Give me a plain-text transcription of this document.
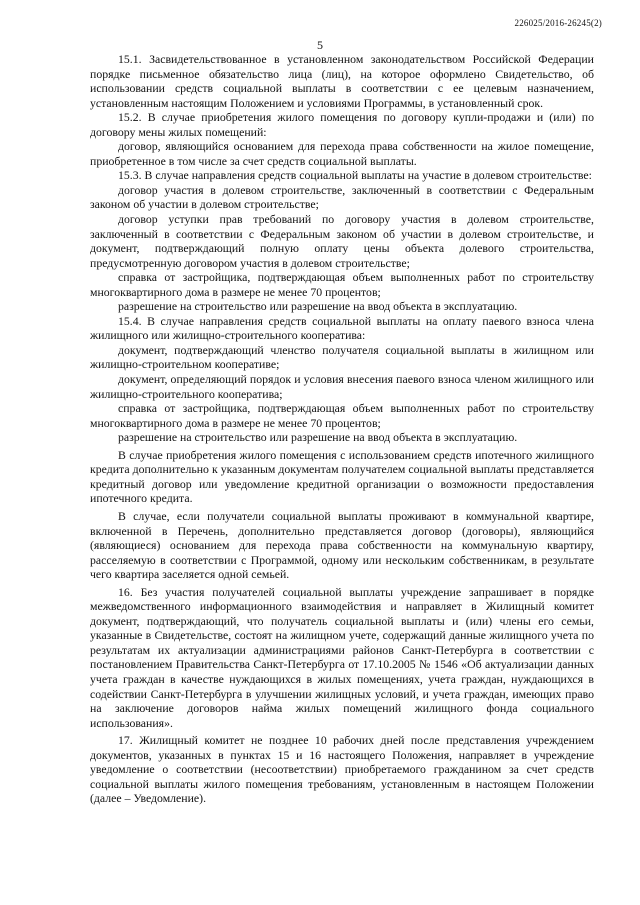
226025/2016-26245(2)
5

15.1. Засвидетельствованное в установленном законодательством Российской Федерации порядке письменное обязательство лица (лиц), на которое оформлено Свидетельство, об использовании средств социальной выплаты в соответствии с ее целевым назначением, установленным настоящим Положением и условиями Программы, в установленный срок.

15.2. В случае приобретения жилого помещения по договору купли-продажи и (или) по договору мены жилых помещений:

договор, являющийся основанием для перехода права собственности на жилое помещение, приобретенное в том числе за счет средств социальной выплаты.

15.3. В случае направления средств социальной выплаты на участие в долевом строительстве:

договор участия в долевом строительстве, заключенный в соответствии с Федеральным законом об участии в долевом строительстве;

договор уступки прав требований по договору участия в долевом строительстве, заключенный в соответствии с Федеральным законом об участии в долевом строительстве, и документ, подтверждающий полную оплату цены объекта долевого строительства, предусмотренную договором участия в долевом строительстве;

справка от застройщика, подтверждающая объем выполненных работ по строительству многоквартирного дома в размере не менее 70 процентов;

разрешение на строительство или разрешение на ввод объекта в эксплуатацию.

15.4. В случае направления средств социальной выплаты на оплату паевого взноса члена жилищного или жилищно-строительного кооператива:

документ, подтверждающий членство получателя социальной выплаты в жилищном или жилищно-строительном кооперативе;

документ, определяющий порядок и условия внесения паевого взноса членом жилищного или жилищно-строительного кооператива;

справка от застройщика, подтверждающая объем выполненных работ по строительству многоквартирного дома в размере не менее 70 процентов;

разрешение на строительство или разрешение на ввод объекта в эксплуатацию.

В случае приобретения жилого помещения с использованием средств ипотечного жилищного кредита дополнительно к указанным документам получателем социальной выплаты представляется кредитный договор или уведомление кредитной организации о возможности предоставления ипотечного кредита.

В случае, если получатели социальной выплаты проживают в коммунальной квартире, включенной в Перечень, дополнительно представляется договор (договоры), являющийся (являющиеся) основанием для перехода права собственности на коммунальную квартиру, расселяемую в соответствии с Программой, одному или нескольким собственникам, в результате чего квартира заселяется одной семьей.

16. Без участия получателей социальной выплаты учреждение запрашивает в порядке межведомственного информационного взаимодействия и направляет в Жилищный комитет документ, подтверждающий, что получатель социальной выплаты и (или) члены его семьи, указанные в Свидетельстве, состоят на жилищном учете, содержащий данные жилищного учета по результатам их актуализации администрациями районов Санкт-Петербурга в соответствии с постановлением Правительства Санкт-Петербурга от 17.10.2005 № 1546 «Об актуализации данных учета граждан в качестве нуждающихся в жилых помещениях, учета граждан, нуждающихся в содействии Санкт-Петербурга в улучшении жилищных условий, и учета граждан, имеющих право на заключение договоров найма жилых помещений жилищного фонда социального использования».

17. Жилищный комитет не позднее 10 рабочих дней после представления учреждением документов, указанных в пунктах 15 и 16 настоящего Положения, направляет в учреждение уведомление о соответствии (несоответствии) приобретаемого гражданином за счет средств социальной выплаты жилого помещения требованиям, установленным в настоящем Положении (далее – Уведомление).
